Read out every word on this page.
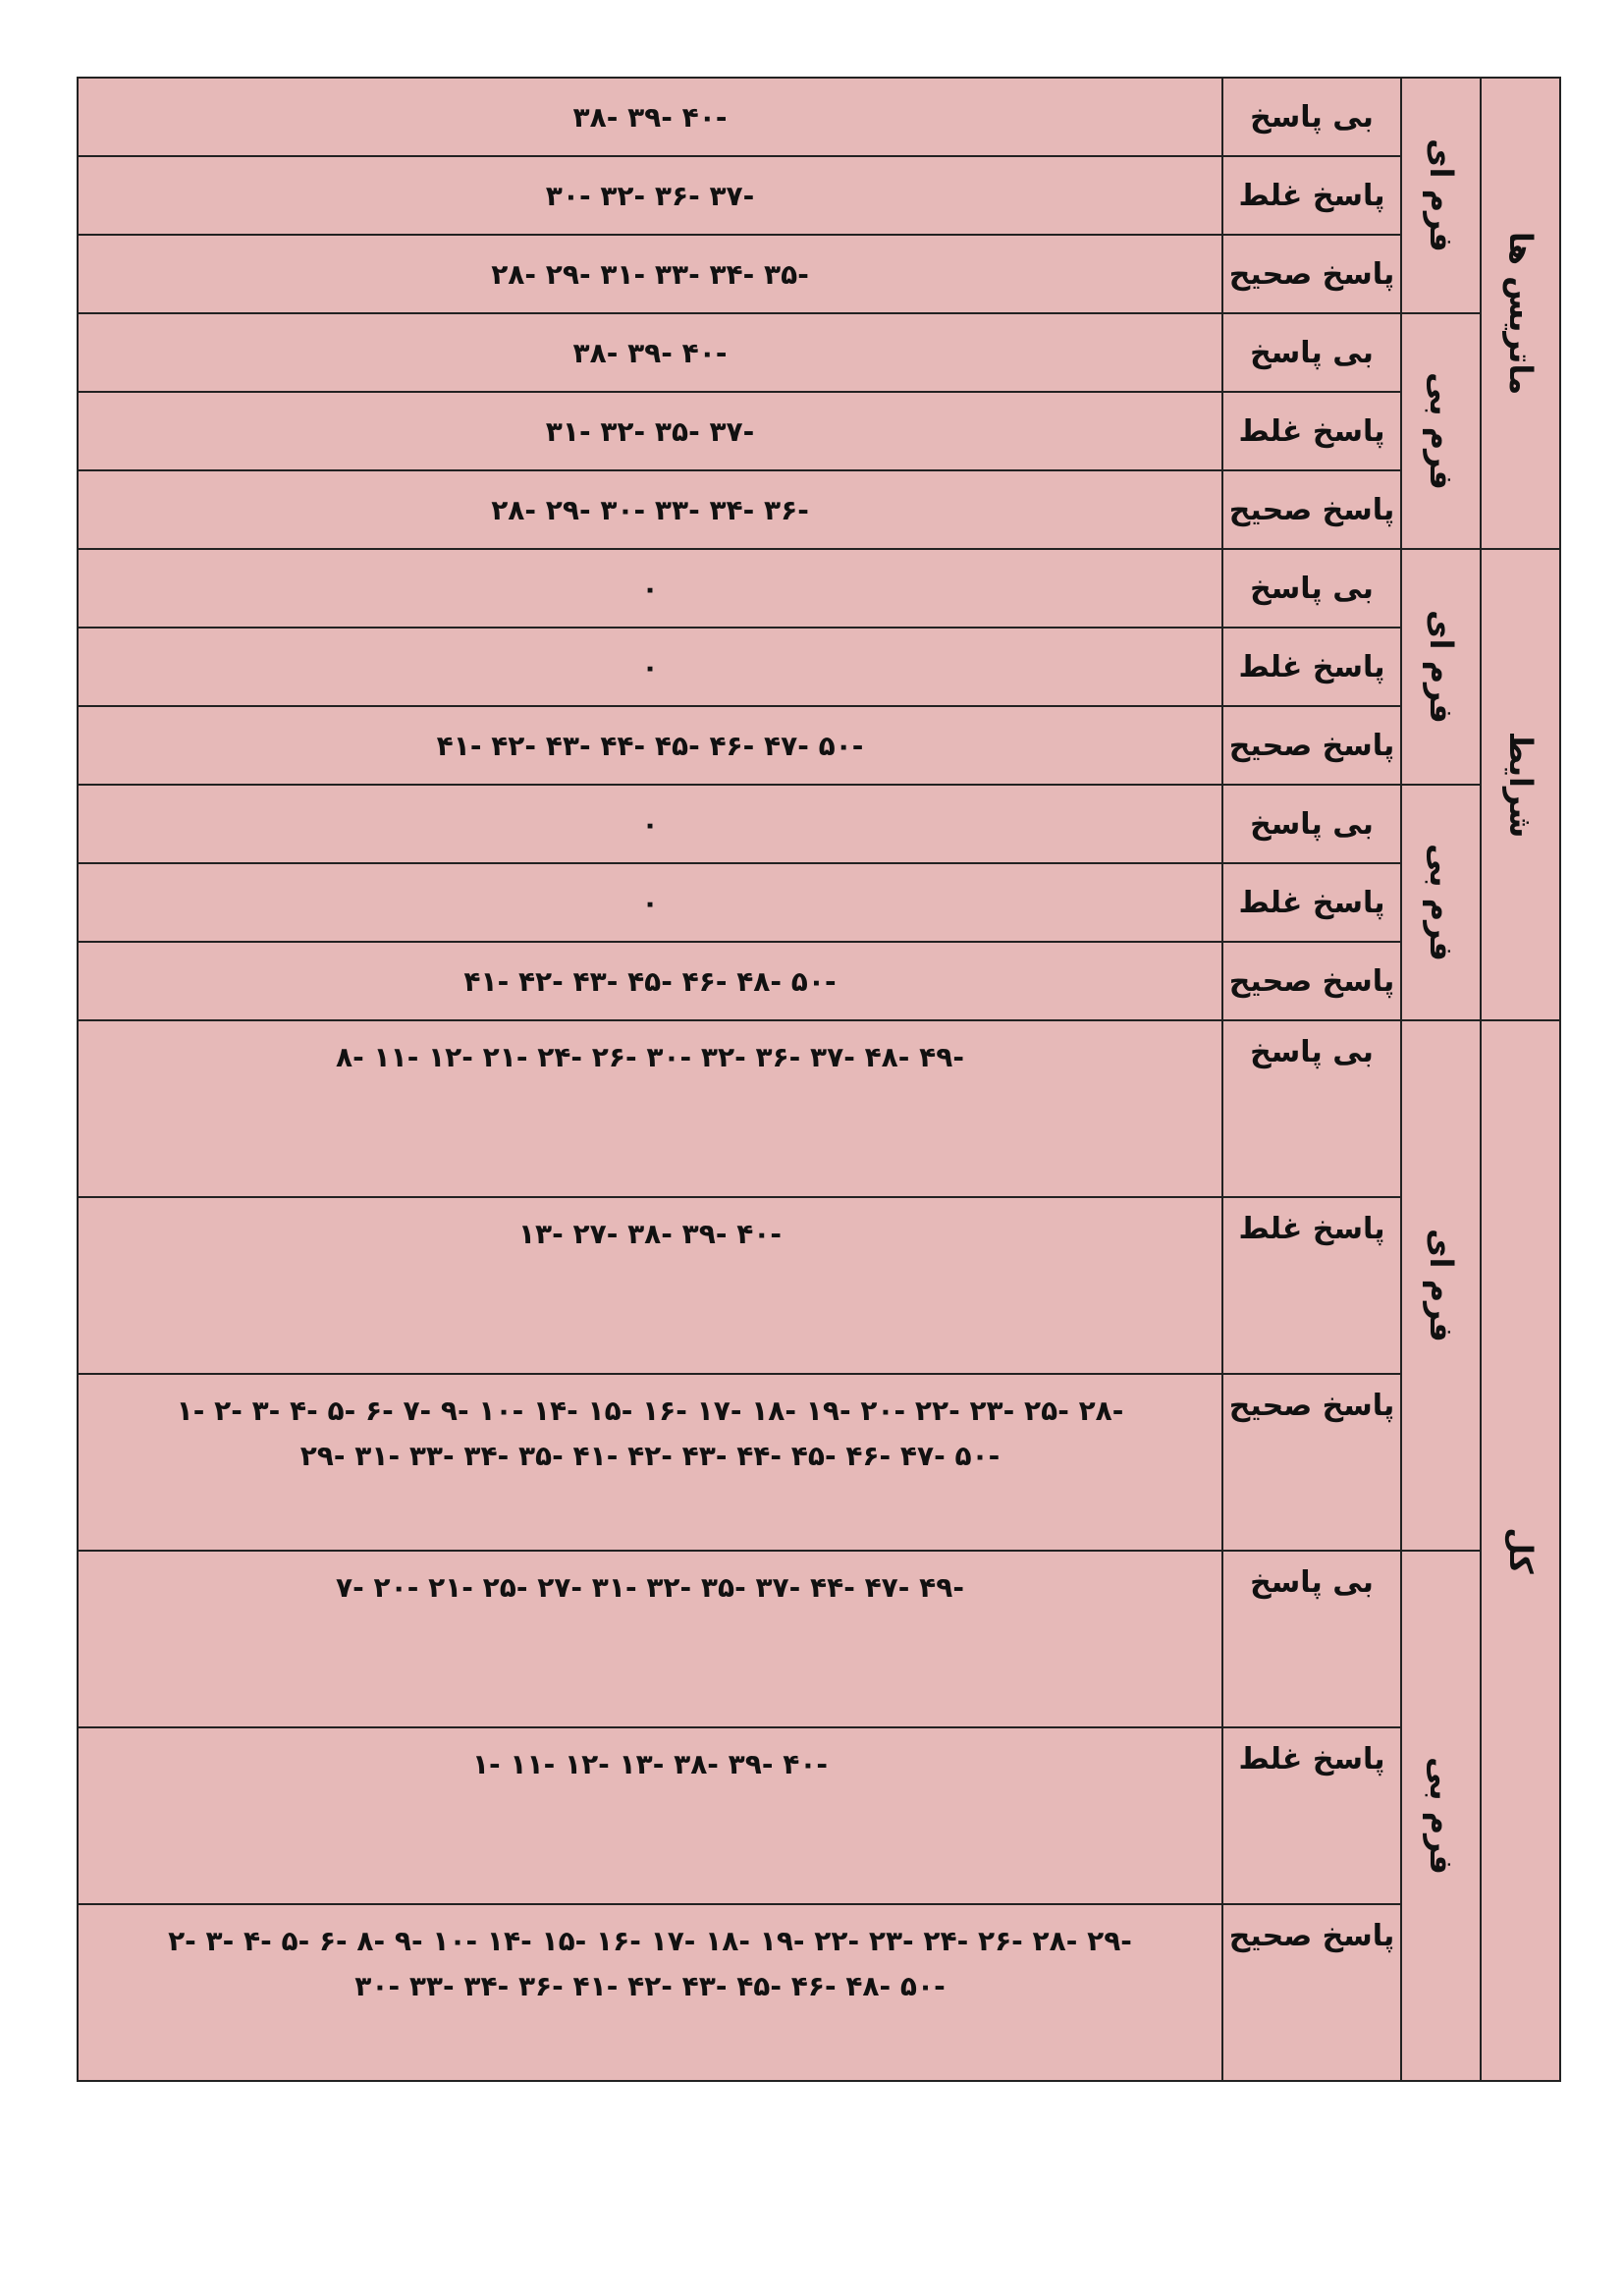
-۴۰ -۳۹ -۳۸	بی پاسخ	فرم ای	ماتریس ها

-۳۷ -۳۶ -۳۲ -۳۰	پاسخ غلط		
-۳۵ -۳۴ -۳۳ -۳۱ -۲۹ -۲۸	پاسخ صحیح		
-۴۰ -۳۹ -۳۸	بی پاسخ	فرم بی	

-۳۷ -۳۵ -۳۲ -۳۱	پاسخ غلط		
-۳۶ -۳۴ -۳۳ -۳۰ -۲۹ -۲۸	پاسخ صحیح		
۰	بی پاسخ	فرم ای	شرایط

۰	پاسخ غلط		
-۵۰ -۴۷ -۴۶ -۴۵ -۴۴ -۴۳ -۴۲ -۴۱	پاسخ صحیح		
۰	بی پاسخ	فرم بی	

۰	پاسخ غلط		
-۵۰ -۴۸ -۴۶ -۴۵ -۴۳ -۴۲ -۴۱	پاسخ صحیح		

-۴۹ -۴۸ -۳۷ -۳۶ -۳۲ -۳۰ -۲۶ -۲۴ -۲۱ -۱۲ -۱۱ -۸	بی پاسخ	فرم ای	کل

-۴۰ -۳۹ -۳۸ -۲۷ -۱۳	پاسخ غلط		

-۲۸ -۲۵ -۲۳ -۲۲ -۲۰ -۱۹ -۱۸ -۱۷ -۱۶ -۱۵ -۱۴ -۱۰ -۹ -۷ -۶ -۵ -۴ -۳ -۲ -۱
-۵۰ -۴۷ -۴۶ -۴۵ -۴۴ -۴۳ -۴۲ -۴۱ -۳۵ -۳۴ -۳۳ -۳۱ -۲۹	پاسخ صحیح		

-۴۹ -۴۷ -۴۴ -۳۷ -۳۵ -۳۲ -۳۱ -۲۷ -۲۵ -۲۱ -۲۰ -۷	بی پاسخ	فرم بی	

-۴۰ -۳۹ -۳۸ -۱۳ -۱۲ -۱۱ -۱	پاسخ غلط		

-۲۹ -۲۸ -۲۶ -۲۴ -۲۳ -۲۲ -۱۹ -۱۸ -۱۷ -۱۶ -۱۵ -۱۴ -۱۰ -۹ -۸ -۶ -۵ -۴ -۳ -۲
-۵۰ -۴۸ -۴۶ -۴۵ -۴۳ -۴۲ -۴۱ -۳۶ -۳۴ -۳۳ -۳۰	پاسخ صحیح		
